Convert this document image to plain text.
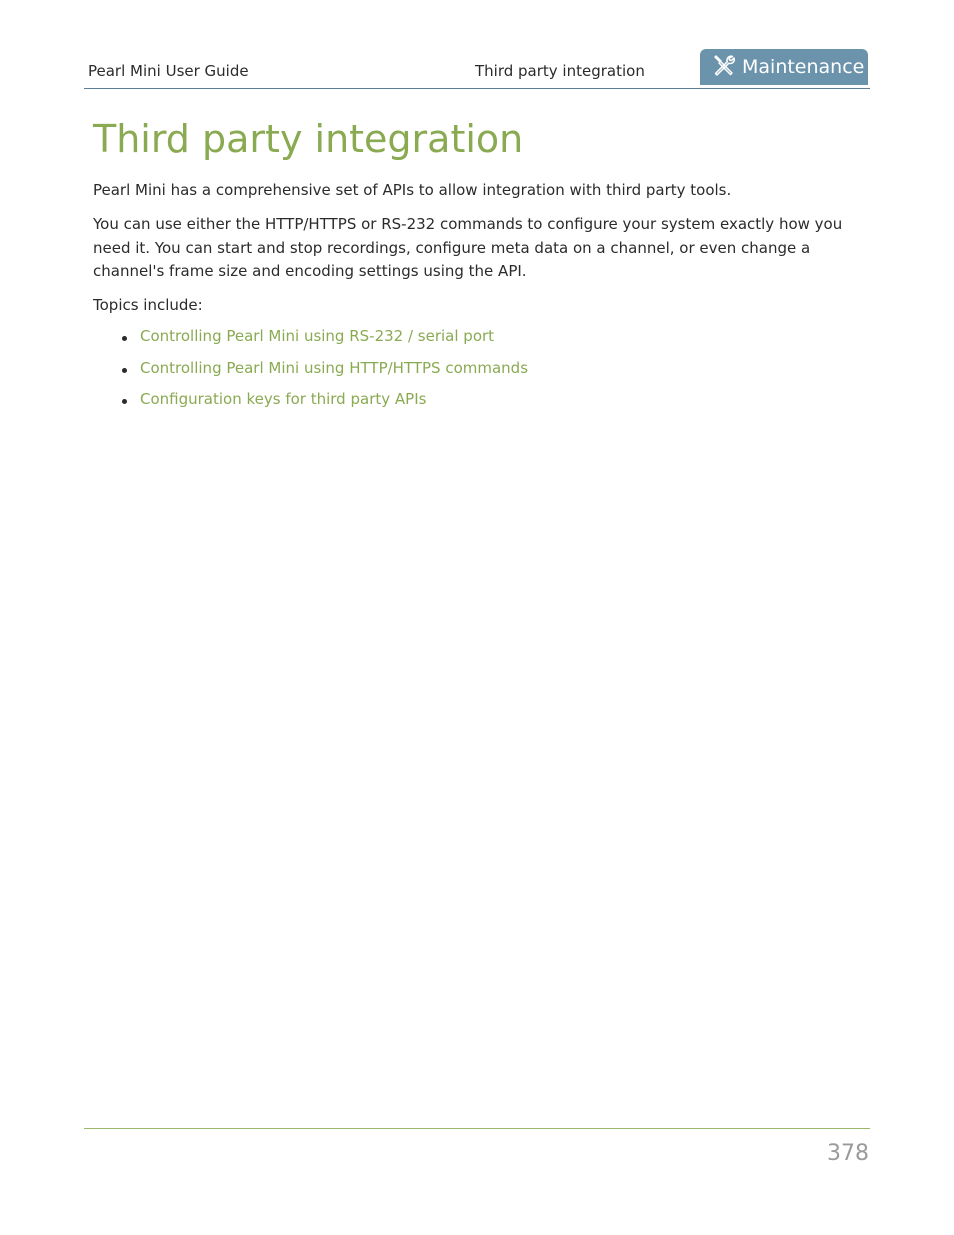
Pearl Mini User Guide	Third party integration	Maintenance
Third party integration

Pearl Mini has a comprehensive set of APIs to allow integration with third party tools.

You can use either the HTTP/HTTPS or RS-232 commands to configure your system exactly how you need it. You can start and stop recordings, configure meta data on a channel, or even change a channel's frame size and encoding settings using the API.

Topics include:

Controlling Pearl Mini using RS-232 / serial port
Controlling Pearl Mini using HTTP/HTTPS commands
Configuration keys for third party APIs
378
